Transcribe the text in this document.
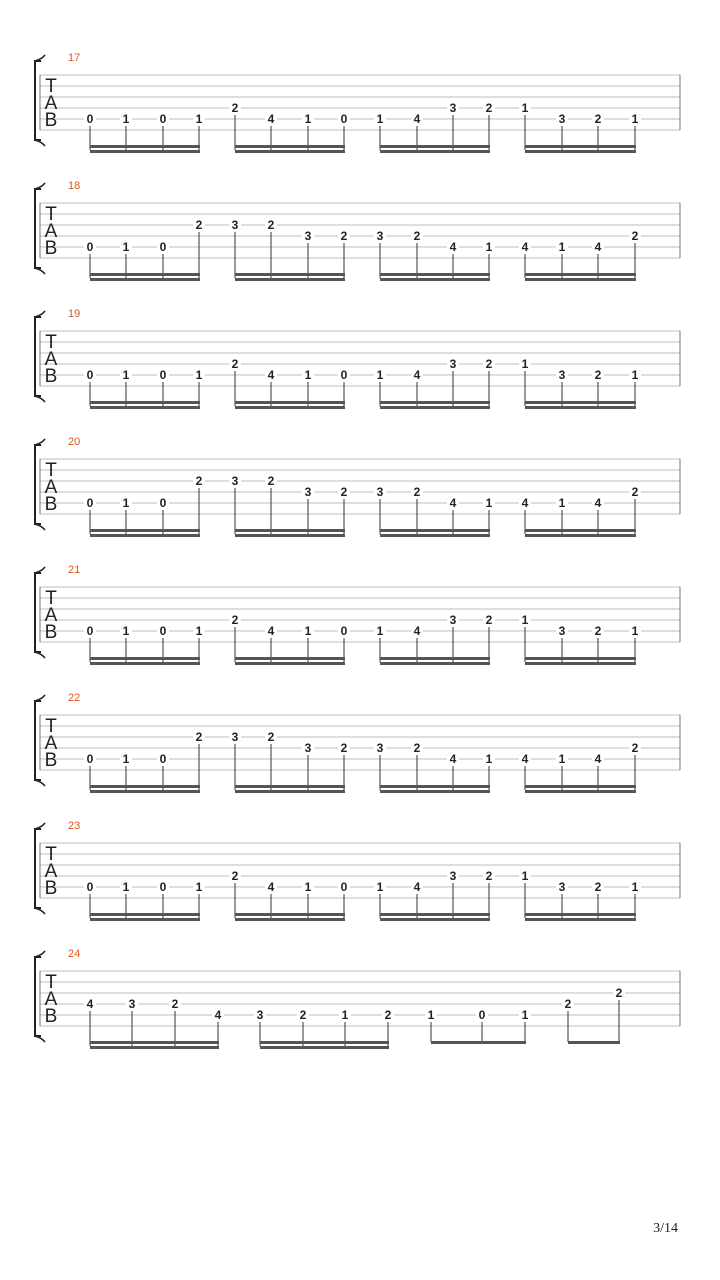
17
T
A
B 0 1	0 1
2
4	1 0 1	4
3 2 1
3 2	1
18
T
A
B 0 1	0
2 3 2
3 2 3	2
4 1 4	1 4
2
19
T
A
B 0 1	0 1
2
4	1 0 1	4
3 2 1
3 2	1
20
T
A
B 0 1	0
2 3 2
3 2 3	2
4 1 4	1 4
2
21
T
A
B 0 1	0 1
2
4	1 0 1	4
3 2 1
3 2	1
22
T
A
B 0 1	0
2 3 2
3 2 3	2
4 1 4	1 4
2
23
T
A
B 0 1	0 1
2
4	1 0 1	4
3 2 1
3 2	1
24
T
A
B
4	3	2
4	3	2	1	2	1	0	1
2
2
3/14
